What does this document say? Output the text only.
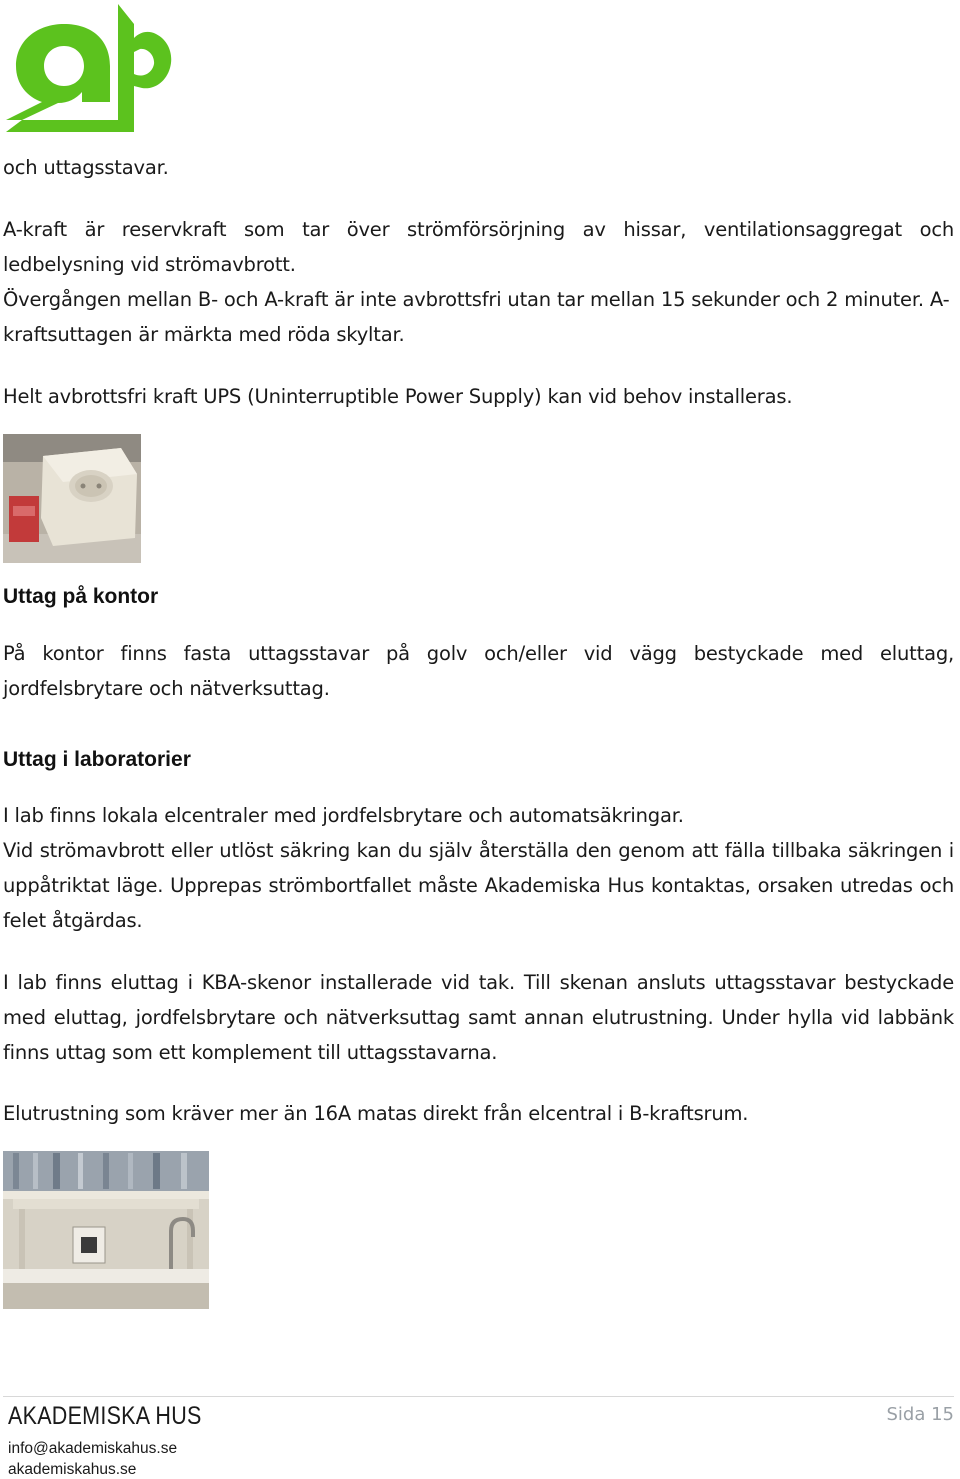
och uttagsstavar.

A-kraft är reservkraft som tar över strömförsörjning av hissar, ventilationsaggregat och ledbelysning vid strömavbrott.

Övergången mellan B- och A-kraft är inte avbrottsfri utan tar mellan 15 sekunder och 2 minuter. A-kraftsuttagen är märkta med röda skyltar.

Helt avbrottsfri kraft UPS (Uninterruptible Power Supply) kan vid behov installeras.

Uttag på kontor

På kontor finns fasta uttagsstavar på golv och/eller vid vägg bestyckade med eluttag, jordfelsbrytare och nätverksuttag.

Uttag i laboratorier

I lab finns lokala elcentraler med jordfelsbrytare och automatsäkringar.

Vid strömavbrott eller utlöst säkring kan du själv återställa den genom att fälla tillbaka säkringen i uppåtriktat läge. Upprepas strömbortfallet måste Akademiska Hus kontaktas, orsaken utredas och felet åtgärdas.

I lab finns eluttag i KBA-skenor installerade vid tak. Till skenan ansluts uttagsstavar bestyckade med eluttag, jordfelsbrytare och nätverksuttag samt annan elutrustning. Under hylla vid labbänk finns uttag som ett komplement till uttagsstavarna.

Elutrustning som kräver mer än 16A matas direkt från elcentral i B-kraftsrum.

AKADEMISKA HUS
info@akademiskahus.se
akademiskahus.se
Sida 15
